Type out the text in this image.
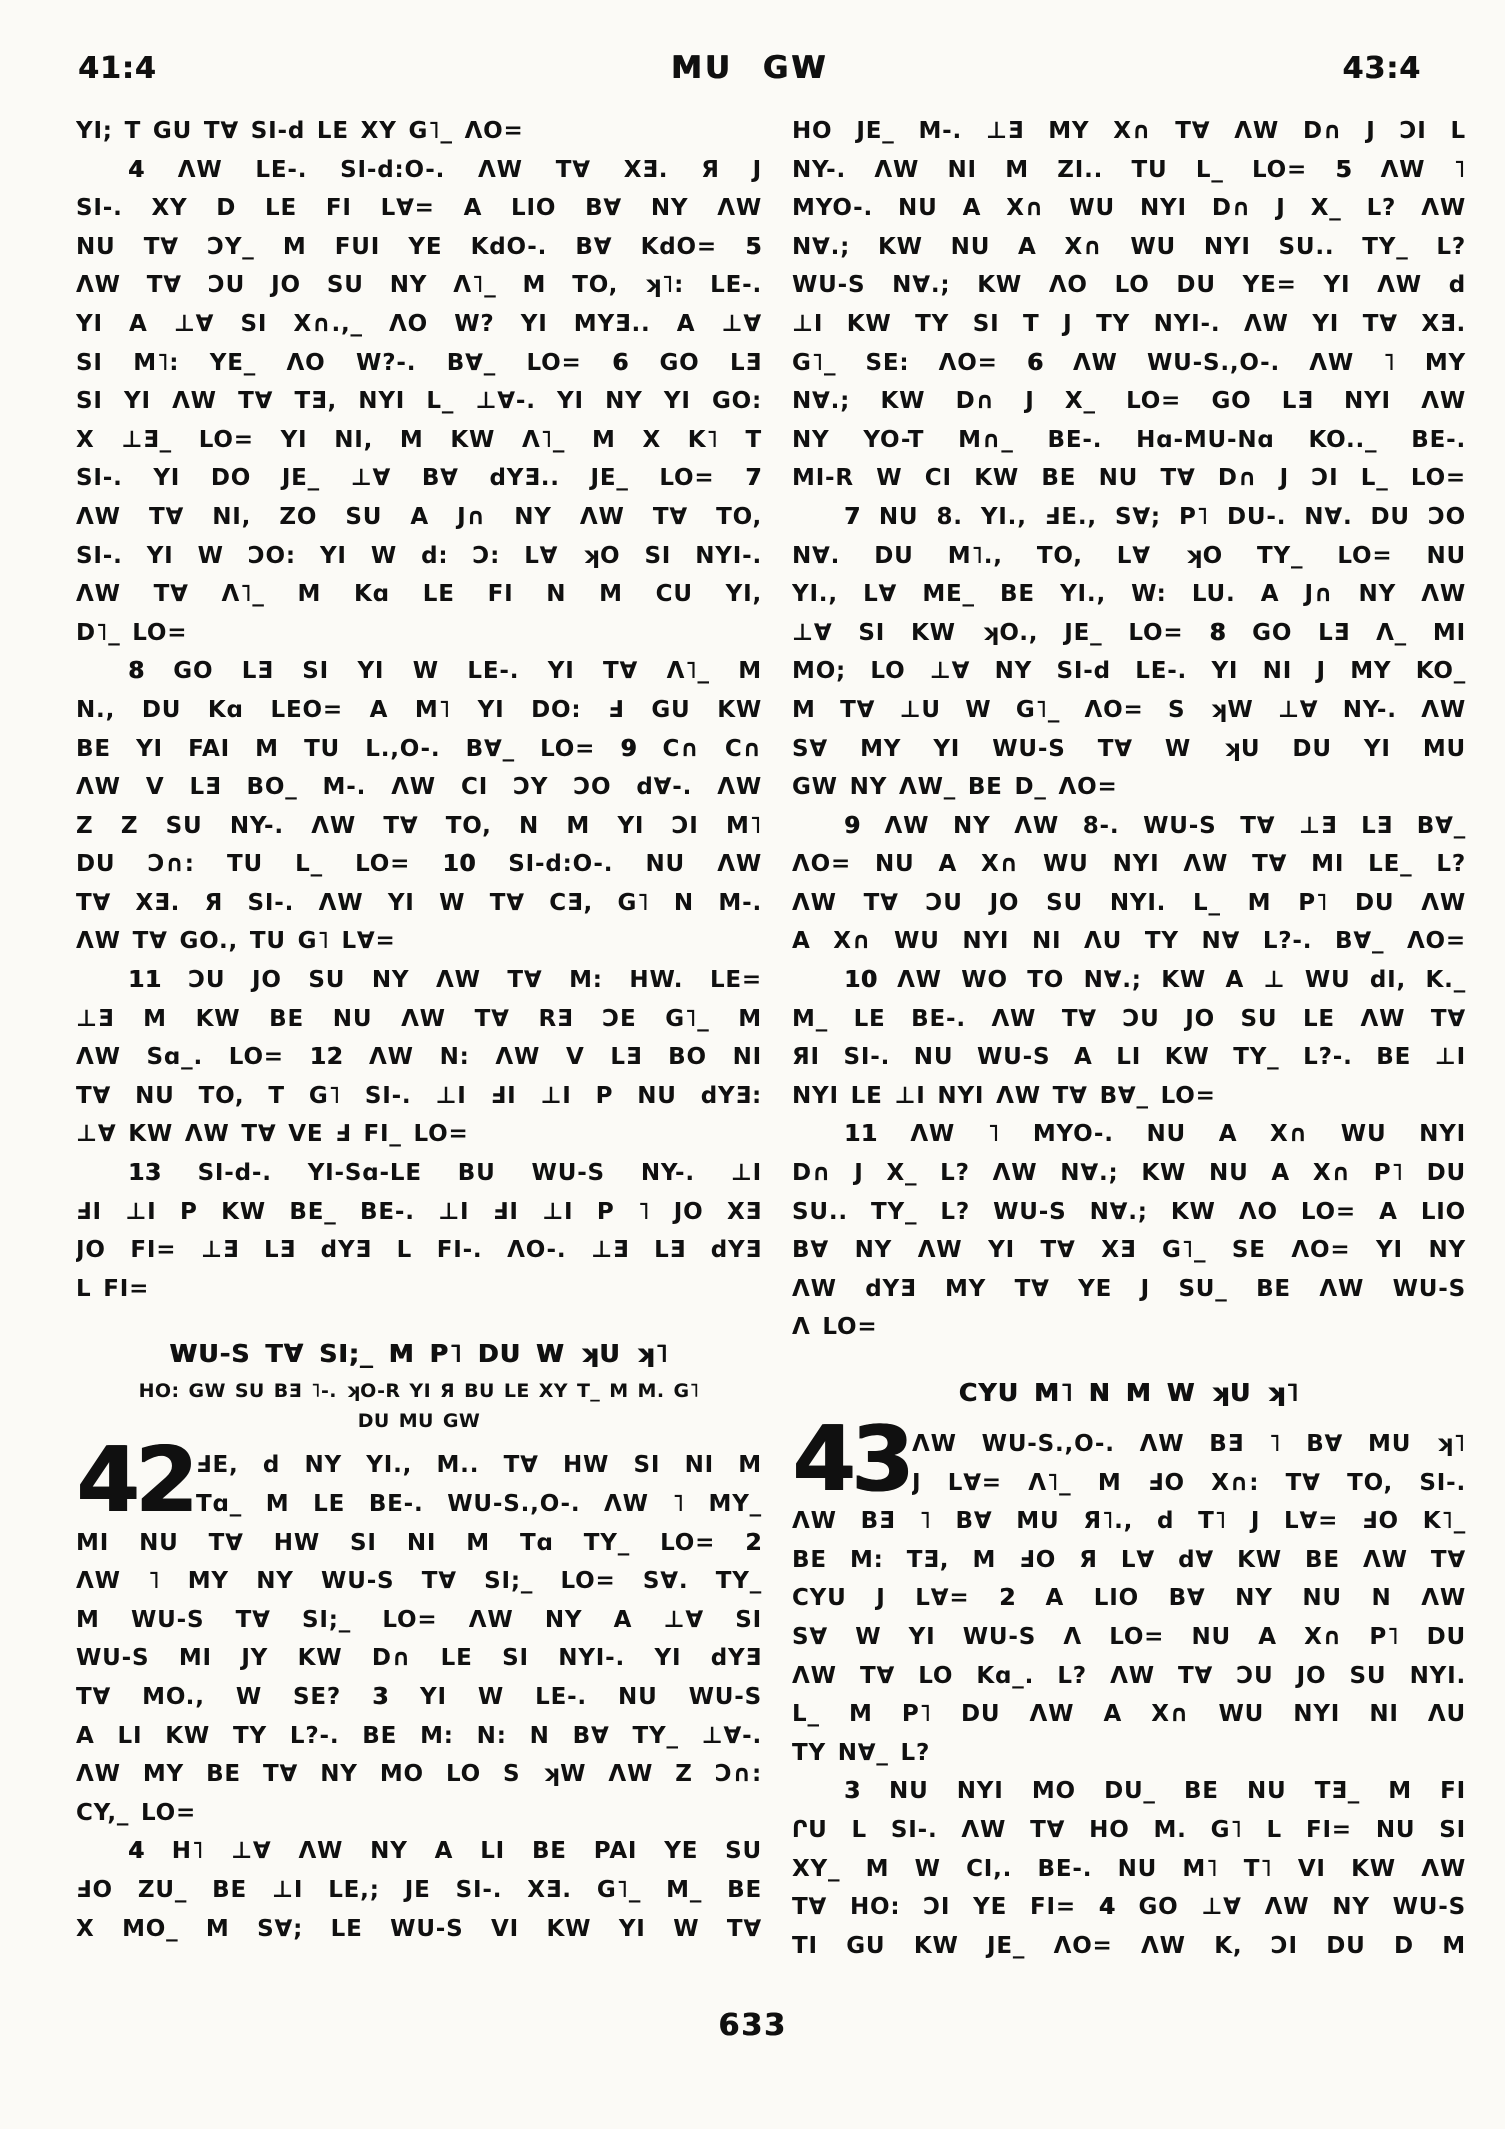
41:4	MU GW	43:4
YI; T GU T∀ SI-d LE XY G˥_ ΛO=
4 ΛW LE-. SI-d:O-. ΛW T∀ XƎ. Я J
SI-. XY D LE FI L∀= A LIO B∀ NY ΛW
NU T∀ ƆY_ M FUI YE KdO-. B∀ KdO= 5
ΛW T∀ ƆU JO SU NY Λ˥_ M TO, ʞ˥: LE-.
YI A ⊥∀ SI X∩.,_ ΛO W? YI MYƎ.. A ⊥∀
SI M˥: YE_ ΛO W?-. B∀_ LO= 6 GO LƎ
SI YI ΛW T∀ TƎ, NYI L_ ⊥∀-. YI NY YI GO:
X ⊥Ǝ_ LO= YI NI, M KW Λ˥_ M X K˥ T
SI-. YI DO JE_ ⊥∀ B∀ dYƎ.. JE_ LO= 7
ΛW T∀ NI, ZO SU A J∩ NY ΛW T∀ TO,
SI-. YI W ƆO: YI W d: Ɔ: L∀ ʞO SI NYI-.
ΛW T∀ Λ˥_ M Kɑ LE FI N M CU YI,
D˥_ LO=
8 GO LƎ SI YI W LE-. YI T∀ Λ˥_ M
N., DU Kɑ LEO= A M˥ YI DO: Ⅎ GU KW
BE YI FAI M TU L.,O-. B∀_ LO= 9 C∩ C∩
ΛW V LƎ BO_ M-. ΛW CI ƆY ƆO d∀-. ΛW
Z Z SU NY-. ΛW T∀ TO, N M YI ƆI M˥
DU Ɔ∩: TU L_ LO= 10 SI-d:O-. NU ΛW
T∀ XƎ. Я SI-. ΛW YI W T∀ CƎ, G˥ N M-.
ΛW T∀ GO., TU G˥ L∀=
11 ƆU JO SU NY ΛW T∀ M: HW. LE=
⊥Ǝ M KW BE NU ΛW T∀ RƎ ƆE G˥_ M
ΛW Sɑ_. LO= 12 ΛW N: ΛW V LƎ BO NI
T∀ NU TO, T G˥ SI-. ⊥I ℲI ⊥I P NU dYƎ:
⊥∀ KW ΛW T∀ VE Ⅎ FI_ LO=
13 SI-d-. YI-Sɑ-LE BU WU-S NY-. ⊥I
ℲI ⊥I P KW BE_ BE-. ⊥I ℲI ⊥I P ˥ JO XƎ
JO FI= ⊥Ǝ LƎ dYƎ L FI-. ΛO-. ⊥Ǝ LƎ dYƎ
L FI=
WU-S T∀ SI;_ M P˥ DU W ʞU ʞ˥
HO: GW SU BƎ ˥-. ʞO-R YI Я BU LE XY T_ M M. G˥
DU MU GW
42 ℲE, d NY YI., M.. T∀ HW SI NI M
Tɑ_ M LE BE-. WU-S.,O-. ΛW ˥ MY_
MI NU T∀ HW SI NI M Tɑ TY_ LO= 2
ΛW ˥ MY NY WU-S T∀ SI;_ LO= S∀. TY_
M WU-S T∀ SI;_ LO= ΛW NY A ⊥∀ SI
WU-S MI JY KW D∩ LE SI NYI-. YI dYƎ
T∀ MO., W SE? 3 YI W LE-. NU WU-S
A LI KW TY L?-. BE M: N: N B∀ TY_ ⊥∀-.
ΛW MY BE T∀ NY MO LO S ʞW ΛW Z Ɔ∩:
CY,_ LO=
4 H˥ ⊥∀ ΛW NY A LI BE PAI YE SU
ℲO ZU_ BE ⊥I LE,; JE SI-. XƎ. G˥_ M_ BE
X MO_ M S∀; LE WU-S VI KW YI W T∀
HO JE_ M-. ⊥Ǝ MY X∩ T∀ ΛW D∩ J ƆI L
NY-. ΛW NI M ZI.. TU L_ LO= 5 ΛW ˥
MYO-. NU A X∩ WU NYI D∩ J X_ L? ΛW
N∀.; KW NU A X∩ WU NYI SU.. TY_ L?
WU-S N∀.; KW ΛO LO DU YE= YI ΛW d
⊥I KW TY SI T J TY NYI-. ΛW YI T∀ XƎ.
G˥_ SE: ΛO= 6 ΛW WU-S.,O-. ΛW ˥ MY
N∀.; KW D∩ J X_ LO= GO LƎ NYI ΛW
NY YO-T M∩_ BE-. Hɑ-MU-Nɑ KO.._ BE-.
MI-R W CI KW BE NU T∀ D∩ J ƆI L_ LO=
7 NU 8. YI., ℲE., S∀; P˥ DU-. N∀. DU ƆO
N∀. DU M˥., TO, L∀ ʞO TY_ LO= NU
YI., L∀ ME_ BE YI., W: LU. A J∩ NY ΛW
⊥∀ SI KW ʞO., JE_ LO= 8 GO LƎ Λ_ MI
MO; LO ⊥∀ NY SI-d LE-. YI NI J MY KO_
M T∀ ⊥U W G˥_ ΛO= S ʞW ⊥∀ NY-. ΛW
S∀ MY YI WU-S T∀ W ʞU DU YI MU
GW NY ΛW_ BE D_ ΛO=
9 ΛW NY ΛW 8-. WU-S T∀ ⊥Ǝ LƎ B∀_
ΛO= NU A X∩ WU NYI ΛW T∀ MI LE_ L?
ΛW T∀ ƆU JO SU NYI. L_ M P˥ DU ΛW
A X∩ WU NYI NI ΛU TY N∀ L?-. B∀_ ΛO=
10 ΛW WO TO N∀.; KW A ⊥ WU dI, K._
M_ LE BE-. ΛW T∀ ƆU JO SU LE ΛW T∀
ЯI SI-. NU WU-S A LI KW TY_ L?-. BE ⊥I
NYI LE ⊥I NYI ΛW T∀ B∀_ LO=
11 ΛW ˥ MYO-. NU A X∩ WU NYI
D∩ J X_ L? ΛW N∀.; KW NU A X∩ P˥ DU
SU.. TY_ L? WU-S N∀.; KW ΛO LO= A LIO
B∀ NY ΛW YI T∀ XƎ G˥_ SE ΛO= YI NY
ΛW dYƎ MY T∀ YE J SU_ BE ΛW WU-S
Λ LO=
CYU M˥ N M W ʞU ʞ˥
43 ΛW WU-S.,O-. ΛW BƎ ˥ B∀ MU ʞ˥
J L∀= Λ˥_ M ℲO X∩: T∀ TO, SI-.
ΛW BƎ ˥ B∀ MU Я˥., d T˥ J L∀= ℲO K˥_
BE M: TƎ, M ℲO Я L∀ d∀ KW BE ΛW T∀
CYU J L∀= 2 A LIO B∀ NY NU N ΛW
S∀ W YI WU-S Λ LO= NU A X∩ P˥ DU
ΛW T∀ LO Kɑ_. L? ΛW T∀ ƆU JO SU NYI.
L_ M P˥ DU ΛW A X∩ WU NYI NI ΛU
TY N∀_ L?
3 NU NYI MO DU_ BE NU TƎ_ M FI
ՐU L SI-. ΛW T∀ HO M. G˥ L FI= NU SI
XY_ M W CI,. BE-. NU M˥ T˥ VI KW ΛW
T∀ HO: ƆI YE FI= 4 GO ⊥∀ ΛW NY WU-S
TI GU KW JE_ ΛO= ΛW K, ƆI DU D M
633
